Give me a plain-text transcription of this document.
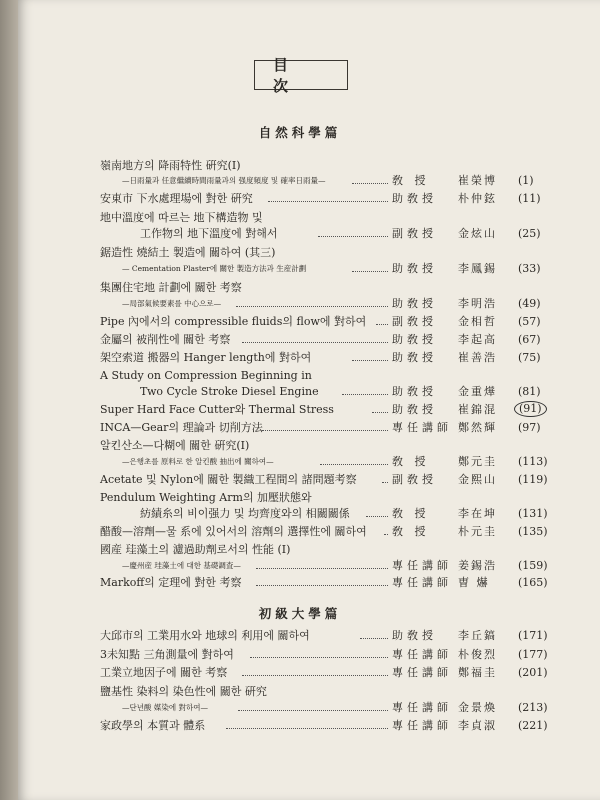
目 次
自然科學篇
初級大學篇
嶺南地方의 降雨特性 硏究(Ⅰ)
—日雨量과 任意繼續時間雨量과의 强度頻度 및 確率日雨量—	敎 授	崔榮博 (1)
安東市 下水處理場에 對한 硏究	助敎授 朴仲鉉 (11)
地中溫度에 따르는 地下構造物 및
工作物의 地下溫度에 對해서	副敎授 金炫山 (25)
鋸造性 燒結土 製造에 關하여 (其三)
— Cementation Plaster에 關한 製造方法과 生産計劃	助敎授 李鳳錫 (33)
集團住宅地 計劃에 關한 考察
—局部氣候要素를 中心으로—	助敎授 李明浩 (49)
Pipe 內에서의 compressible fluids의 flow에 對하여 副敎授 金相哲 (57)
金屬의 被削性에 關한 考察	助敎授 李起高 (67)
架空索道 搬器의 Hanger length에 對하여	助敎授 崔善浩 (75)
A Study on Compression Beginning in
Two Cycle Stroke Diesel Engine	助敎授 金重燁 (81)
Super Hard Face Cutter와 Thermal Stress	助敎授 崔錦混	(91)
INCA—Gear의 理論과 切削方法	專任講師 鄭然輝 (97)
알킨산소—다糊에 關한 硏究(Ⅰ)
—은행초를 原料로 한 알킨酸 抽出에 關하여—	敎 授	鄭元圭 (113)
Acetate 및 Nylon에 關한 製織工程間의 諸問題考察	副敎授 金熙山 (119)
Pendulum Weighting Arm의 加壓狀態와
紡績糸의 비이强力 및 均齊度와의 相關關係	敎 授	李在坤 (131)
醋酸—溶劑—물 系에 있어서의 溶劑의 選擇性에 關하여 敎 授	朴元圭 (135)
國産 珪藻土의 濾過助劑로서의 性能 (Ⅰ)
—慶州産 珪藻土에 대한 基礎調査—	專任講師 姜錫浩 (159)
Markoff의 定理에 對한 考察	專任講師 曺 爀	(165)
大邱市의 工業用水와 地球의 利用에 關하여	助敎授 李丘鎬 (171)
3未知點 三角測量에 對하여	專任講師 朴俊烈 (177)
工業立地因子에 關한 考察	專任講師 鄭福圭 (201)
鹽基性 染料의 染色性에 關한 硏究
—단년酸 媒染에 對하여—	專任講師 金景煥 (213)
家政學의 本質과 體系	專任講師 李貞淑 (221)
